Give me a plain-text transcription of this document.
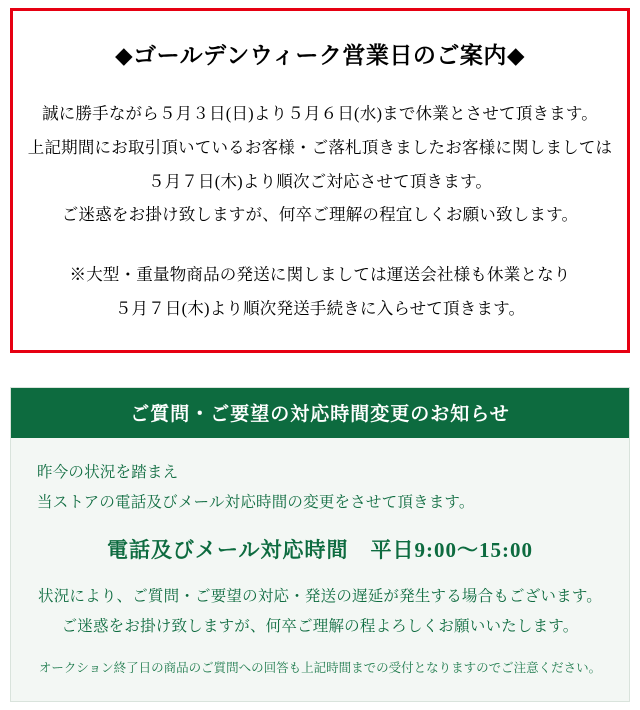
◆ゴールデンウィーク営業日のご案内◆
誠に勝手ながら５月３日(日)より５月６日(水)まで休業とさせて頂きます。
上記期間にお取引頂いているお客様・ご落札頂きましたお客様に関しましては
５月７日(木)より順次ご対応させて頂きます。
ご迷惑をお掛け致しますが、何卒ご理解の程宜しくお願い致します。
※大型・重量物商品の発送に関しましては運送会社様も休業となり
５月７日(木)より順次発送手続きに入らせて頂きます。
ご質問・ご要望の対応時間変更のお知らせ
昨今の状況を踏まえ
当ストアの電話及びメール対応時間の変更をさせて頂きます。
電話及びメール対応時間　平日9:00〜15:00
状況により、ご質問・ご要望の対応・発送の遅延が発生する場合もございます。
ご迷惑をお掛け致しますが、何卒ご理解の程よろしくお願いいたします。
オークション終了日の商品のご質問への回答も上記時間までの受付となりますのでご注意ください。
